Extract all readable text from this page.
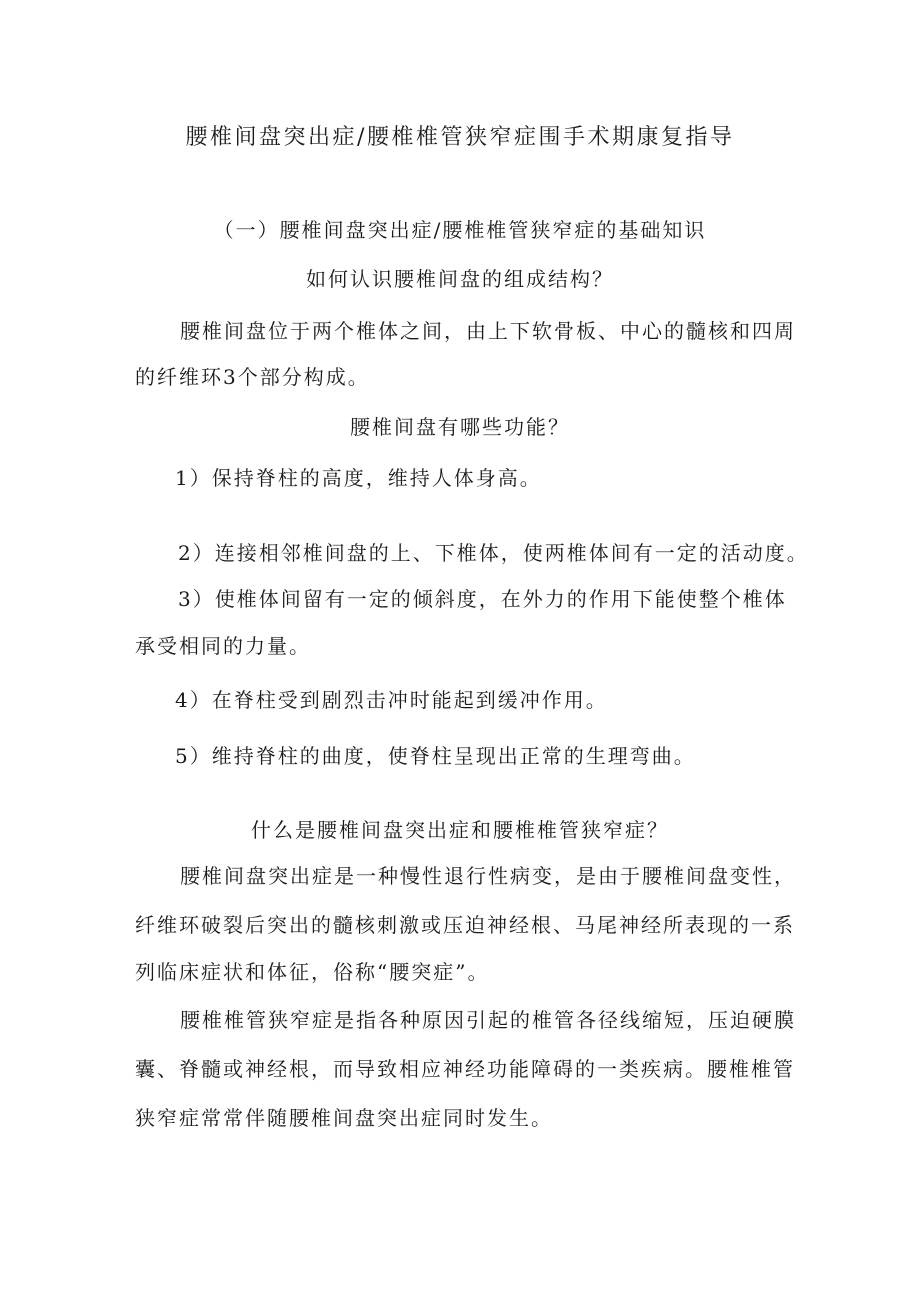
腰椎间盘突出症/腰椎椎管狭窄症围手术期康复指导
（一）腰椎间盘突出症/腰椎椎管狭窄症的基础知识
如何认识腰椎间盘的组成结构？
腰椎间盘位于两个椎体之间，由上下软骨板、中心的髓核和四周
的纤维环3个部分构成。
腰椎间盘有哪些功能？
1）保持脊柱的高度，维持人体身高。
2）连接相邻椎间盘的上、下椎体，使两椎体间有一定的活动度。
3）使椎体间留有一定的倾斜度，在外力的作用下能使整个椎体
承受相同的力量。
4）在脊柱受到剧烈击冲时能起到缓冲作用。
5）维持脊柱的曲度，使脊柱呈现出正常的生理弯曲。
什么是腰椎间盘突出症和腰椎椎管狭窄症？
腰椎间盘突出症是一种慢性退行性病变，是由于腰椎间盘变性，
纤维环破裂后突出的髓核刺激或压迫神经根、马尾神经所表现的一系
列临床症状和体征，俗称“腰突症”。
腰椎椎管狭窄症是指各种原因引起的椎管各径线缩短，压迫硬膜
囊、脊髓或神经根，而导致相应神经功能障碍的一类疾病。腰椎椎管
狭窄症常常伴随腰椎间盘突出症同时发生。
